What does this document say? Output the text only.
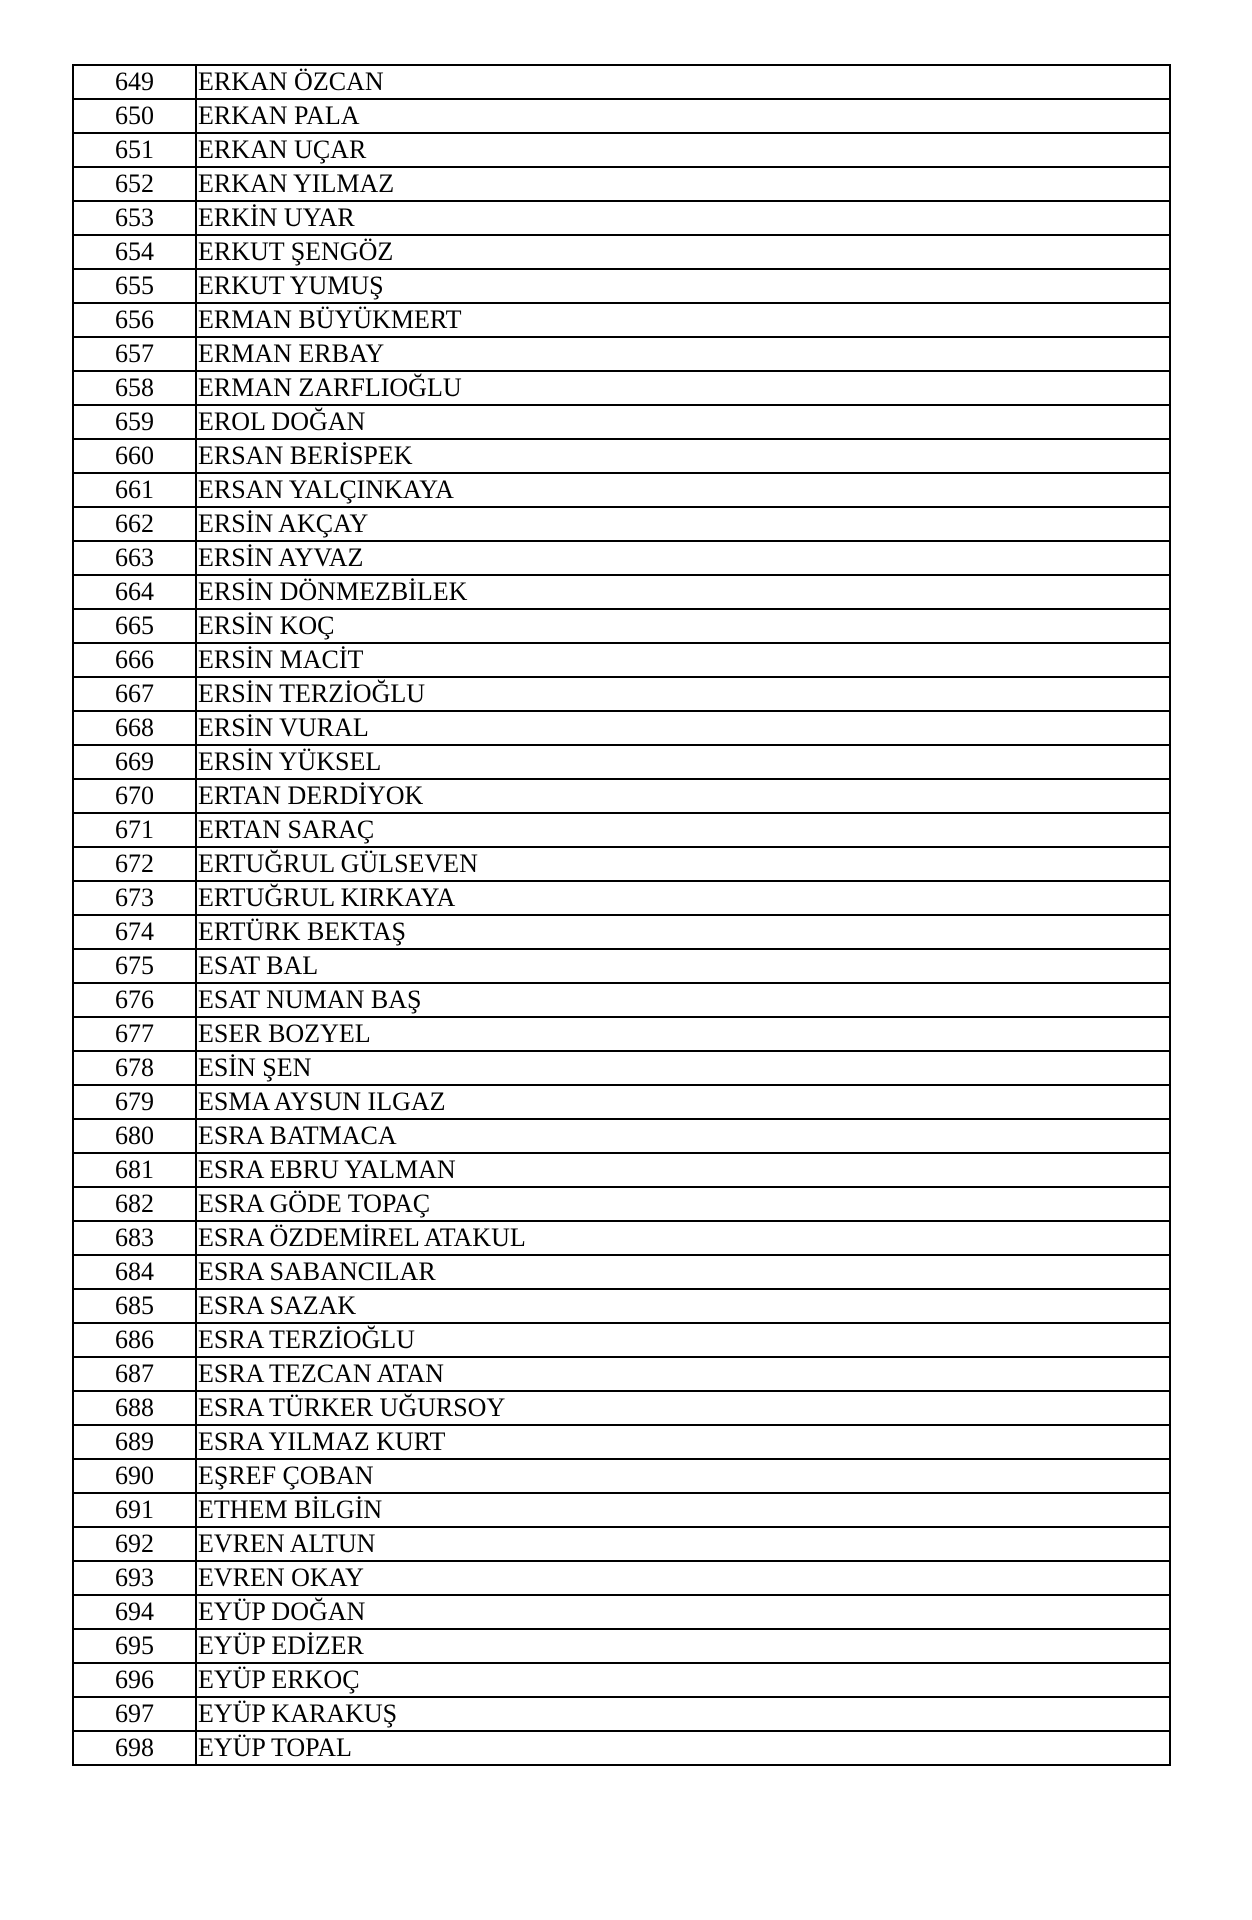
649	ERKAN ÖZCAN
650	ERKAN PALA
651	ERKAN UÇAR
652	ERKAN YILMAZ
653	ERKİN UYAR
654	ERKUT ŞENGÖZ
655	ERKUT YUMUŞ
656	ERMAN BÜYÜKMERT
657	ERMAN ERBAY
658	ERMAN ZARFLIOĞLU
659	EROL DOĞAN
660	ERSAN BERİSPEK
661	ERSAN YALÇINKAYA
662	ERSİN AKÇAY
663	ERSİN AYVAZ
664	ERSİN DÖNMEZBİLEK
665	ERSİN KOÇ
666	ERSİN MACİT
667	ERSİN TERZİOĞLU
668	ERSİN VURAL
669	ERSİN YÜKSEL
670	ERTAN DERDİYOK
671	ERTAN SARAÇ
672	ERTUĞRUL GÜLSEVEN
673	ERTUĞRUL KIRKAYA
674	ERTÜRK BEKTAŞ
675	ESAT BAL
676	ESAT NUMAN BAŞ
677	ESER BOZYEL
678	ESİN ŞEN
679	ESMA AYSUN ILGAZ
680	ESRA BATMACA
681	ESRA EBRU YALMAN
682	ESRA GÖDE TOPAÇ
683	ESRA ÖZDEMİREL ATAKUL
684	ESRA SABANCILAR
685	ESRA SAZAK
686	ESRA TERZİOĞLU
687	ESRA TEZCAN ATAN
688	ESRA TÜRKER UĞURSOY
689	ESRA YILMAZ KURT
690	EŞREF ÇOBAN
691	ETHEM BİLGİN
692	EVREN ALTUN
693	EVREN OKAY
694	EYÜP DOĞAN
695	EYÜP EDİZER
696	EYÜP ERKOÇ
697	EYÜP KARAKUŞ
698	EYÜP TOPAL
